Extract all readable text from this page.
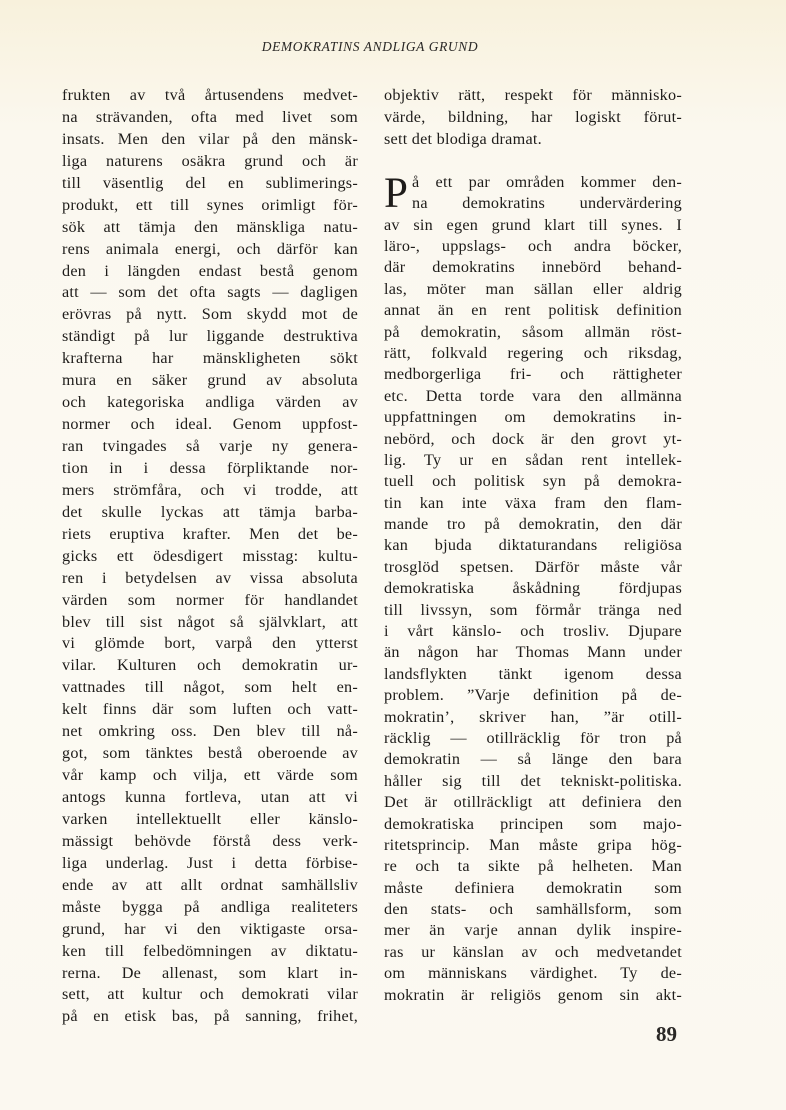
DEMOKRATINS ANDLIGA GRUND
frukten av två årtusendens medvet-
na strävanden, ofta med livet som
insats. Men den vilar på den mänsk-
liga naturens osäkra grund och är
till väsentlig del en sublimerings-
produkt, ett till synes orimligt för-
sök att tämja den mänskliga natu-
rens animala energi, och därför kan
den i längden endast bestå genom
att — som det ofta sagts — dagligen
erövras på nytt. Som skydd mot de
ständigt på lur liggande destruktiva
krafterna har mänskligheten sökt
mura en säker grund av absoluta
och kategoriska andliga värden av
normer och ideal. Genom uppfost-
ran tvingades så varje ny genera-
tion in i dessa förpliktande nor-
mers strömfåra, och vi trodde, att
det skulle lyckas att tämja barba-
riets eruptiva krafter. Men det be-
gicks ett ödesdigert misstag: kultu-
ren i betydelsen av vissa absoluta
värden som normer för handlandet
blev till sist något så självklart, att
vi glömde bort, varpå den ytterst
vilar. Kulturen och demokratin ur-
vattnades till något, som helt en-
kelt finns där som luften och vatt-
net omkring oss. Den blev till nå-
got, som tänktes bestå oberoende av
vår kamp och vilja, ett värde som
antogs kunna fortleva, utan att vi
varken intellektuellt eller känslo-
mässigt behövde förstå dess verk-
liga underlag. Just i detta förbise-
ende av att allt ordnat samhällsliv
måste bygga på andliga realiteters
grund, har vi den viktigaste orsa-
ken till felbedömningen av diktatu-
rerna. De allenast, som klart in-
sett, att kultur och demokrati vilar
på en etisk bas, på sanning, frihet,
objektiv rätt, respekt för människo-
värde, bildning, har logiskt förut-
sett det blodiga dramat.
P å ett par områden kommer den-
na demokratins undervärdering
av sin egen grund klart till synes. I
läro-, uppslags- och andra böcker,
där demokratins innebörd behand-
las, möter man sällan eller aldrig
annat än en rent politisk definition
på demokratin, såsom allmän röst-
rätt, folkvald regering och riksdag,
medborgerliga fri- och rättigheter
etc. Detta torde vara den allmänna
uppfattningen om demokratins in-
nebörd, och dock är den grovt yt-
lig. Ty ur en sådan rent intellek-
tuell och politisk syn på demokra-
tin kan inte växa fram den flam-
mande tro på demokratin, den där
kan bjuda diktaturandans religiösa
trosglöd spetsen. Därför måste vår
demokratiska åskådning fördjupas
till livssyn, som förmår tränga ned
i vårt känslo- och trosliv. Djupare
än någon har Thomas Mann under
landsflykten tänkt igenom dessa
problem. ”Varje definition på de-
mokratin’, skriver han, ”är otill-
räcklig — otillräcklig för tron på
demokratin — så länge den bara
håller sig till det tekniskt-politiska.
Det är otillräckligt att definiera den
demokratiska principen som majo-
ritetsprincip. Man måste gripa hög-
re och ta sikte på helheten. Man
måste definiera demokratin som
den stats- och samhällsform, som
mer än varje annan dylik inspire-
ras ur känslan av och medvetandet
om människans värdighet. Ty de-
mokratin är religiös genom sin akt-
89
